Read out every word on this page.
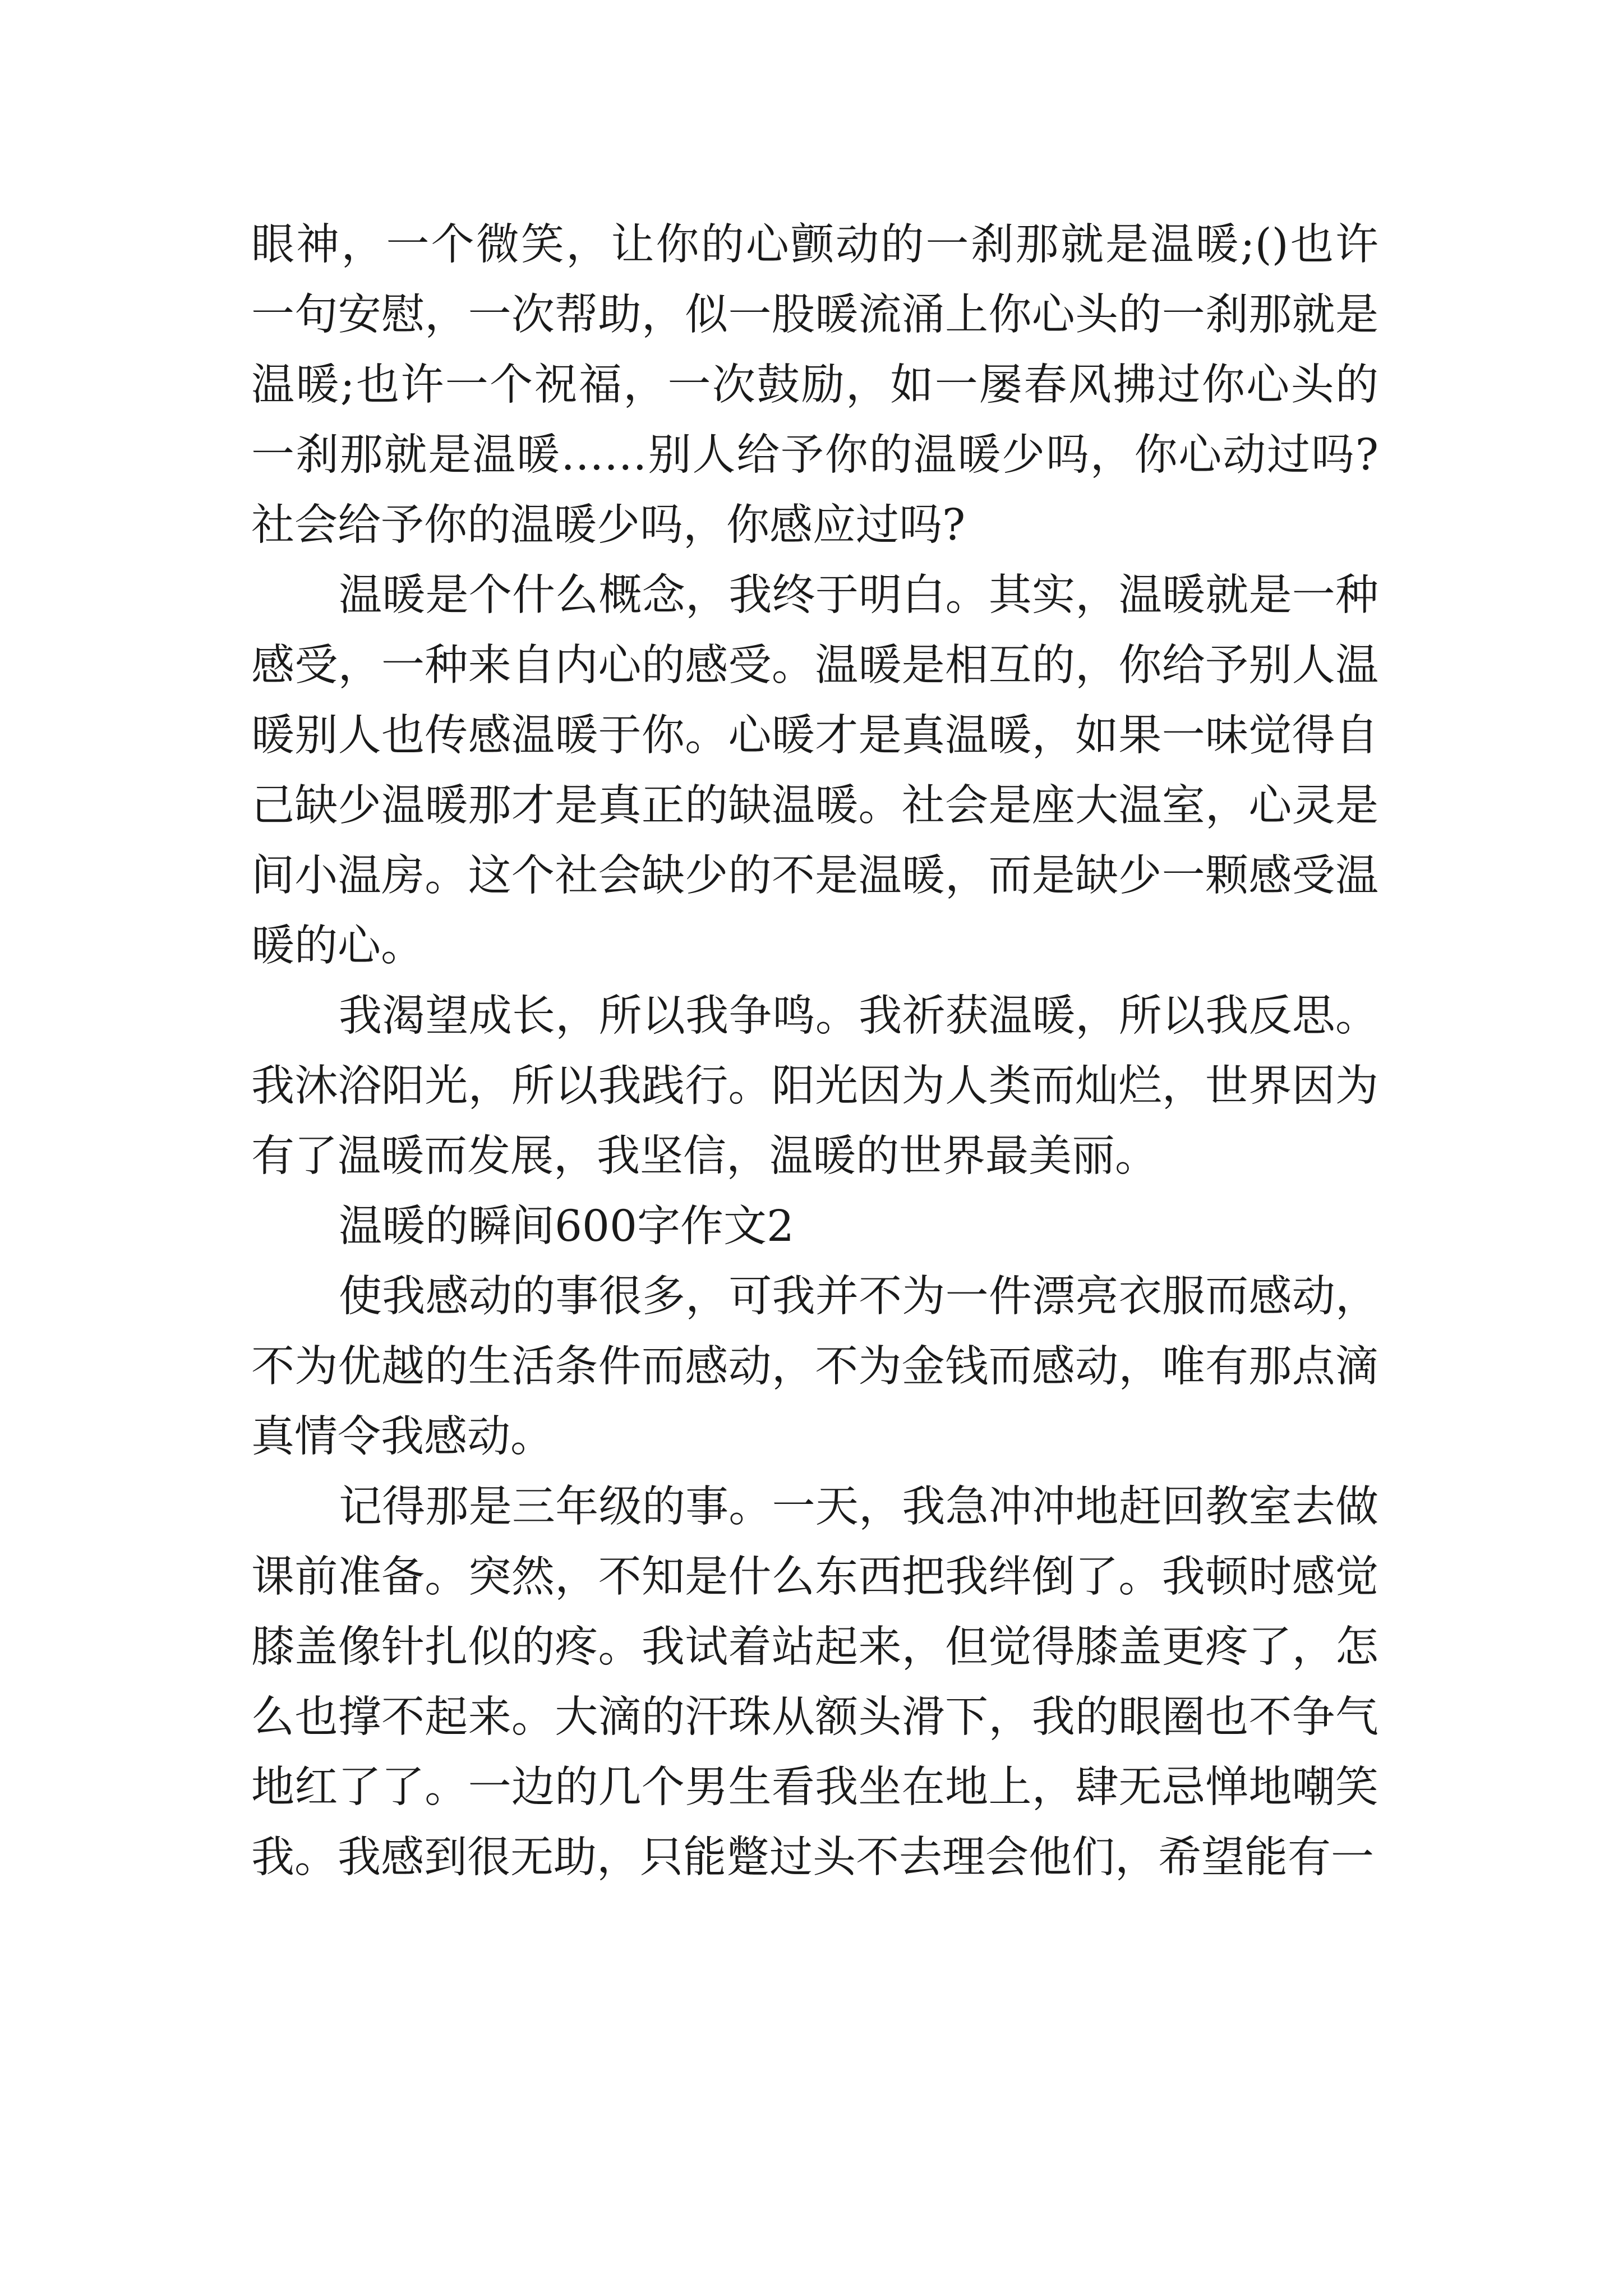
眼神，一个微笑，让你的心颤动的一刹那就是温暖;()也许一句安慰，一次帮助，似一股暖流涌上你心头的一刹那就是温暖;也许一个祝福，一次鼓励，如一屡春风拂过你心头的一刹那就是温暖……别人给予你的温暖少吗，你心动过吗?社会给予你的温暖少吗，你感应过吗?

温暖是个什么概念，我终于明白。其实，温暖就是一种感受，一种来自内心的感受。温暖是相互的，你给予别人温暖别人也传感温暖于你。心暖才是真温暖，如果一味觉得自己缺少温暖那才是真正的缺温暖。社会是座大温室，心灵是间小温房。这个社会缺少的不是温暖，而是缺少一颗感受温暖的心。

我渴望成长，所以我争鸣。我祈获温暖，所以我反思。我沐浴阳光，所以我践行。阳光因为人类而灿烂，世界因为有了温暖而发展，我坚信，温暖的世界最美丽。

温暖的瞬间600字作文2

使我感动的事很多，可我并不为一件漂亮衣服而感动，不为优越的生活条件而感动，不为金钱而感动，唯有那点滴真情令我感动。

记得那是三年级的事。一天，我急冲冲地赶回教室去做课前准备。突然，不知是什么东西把我绊倒了。我顿时感觉膝盖像针扎似的疼。我试着站起来，但觉得膝盖更疼了，怎么也撑不起来。大滴的汗珠从额头滑下，我的眼圈也不争气地红了了。一边的几个男生看我坐在地上，肆无忌惮地嘲笑我。我感到很无助，只能蹩过头不去理会他们，希望能有一
